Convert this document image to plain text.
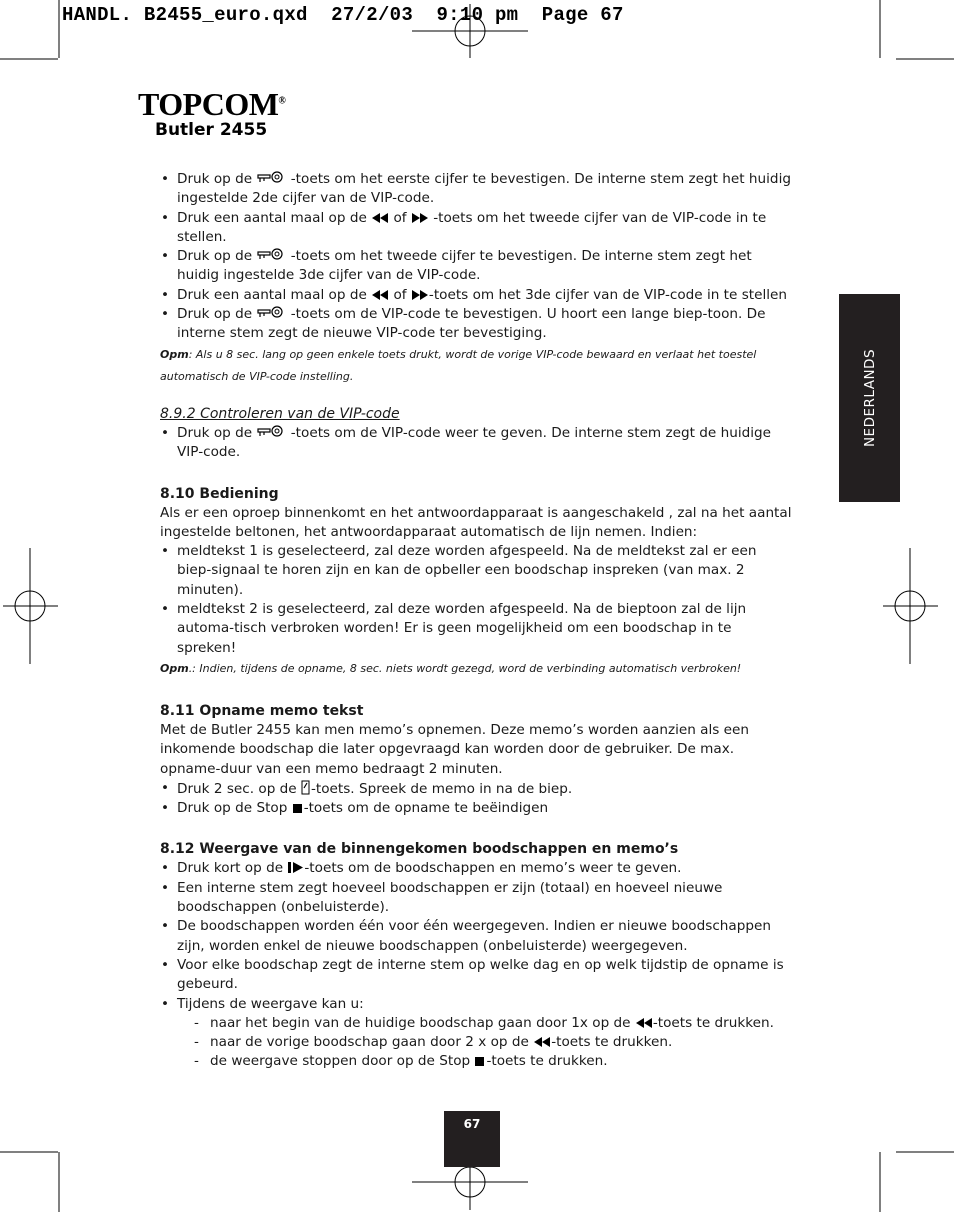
HANDL. B2455_euro.qxd  27/2/03  9:10 pm  Page 67
TOPCOM®
Butler 2455
NEDERLANDS
• Druk op de	-toets om het eerste cijfer te bevestigen. De interne stem zegt het huidig ingestelde 2de cijfer van de VIP-code.
• Druk een aantal maal op de of -toets om het tweede cijfer van de VIP-code in te stellen.
• Druk op de	-toets om het tweede cijfer te bevestigen. De interne stem zegt het huidig ingestelde 3de cijfer van de VIP-code.
• Druk een aantal maal op de of -toets om het 3de cijfer van de VIP-code in te stellen
• Druk op de	-toets om de VIP-code te bevestigen. U hoort een lange biep-toon. De interne stem zegt de nieuwe VIP-code ter bevestiging.

Opm: Als u 8 sec. lang op geen enkele toets drukt, wordt de vorige VIP-code bewaard en verlaat het toestel automatisch de VIP-code instelling.

8.9.2 Controleren van de VIP-code
• Druk op de	-toets om de VIP-code weer te geven. De interne stem zegt de huidige VIP-code.
8.10 Bediening

Als er een oproep binnenkomt en het antwoordapparaat is aangeschakeld , zal na het aantal ingestelde beltonen, het antwoordapparaat automatisch de lijn nemen. Indien:

• meldtekst 1 is geselecteerd, zal deze worden afgespeeld. Na de meldtekst zal er een biep-signaal te horen zijn en kan de opbeller een boodschap inspreken (van max. 2 minuten).
• meldtekst 2 is geselecteerd, zal deze worden afgespeeld. Na de bieptoon zal de lijn automa-tisch verbroken worden! Er is geen mogelijkheid om een boodschap in te spreken!

Opm.: Indien, tijdens de opname, 8 sec. niets wordt gezegd, word de verbinding automatisch verbroken!

8.11 Opname memo tekst

Met de Butler 2455 kan men memo’s opnemen. Deze memo’s worden aanzien als een inkomende boodschap die later opgevraagd kan worden door de gebruiker. De max. opname-duur van een memo bedraagt 2 minuten.

• Druk 2 sec. op de -toets. Spreek de memo in na de biep.
• Druk op de Stop -toets om de opname te beëindigen
8.12 Weergave van de binnengekomen boodschappen en memo’s
• Druk kort op de -toets om de boodschappen en memo’s weer te geven.
• Een interne stem zegt hoeveel boodschappen er zijn (totaal) en hoeveel nieuwe boodschappen (onbeluisterde).
• De boodschappen worden één voor één weergegeven. Indien er nieuwe boodschappen zijn, worden enkel de nieuwe boodschappen (onbeluisterde) weergegeven.
• Voor elke boodschap zegt de interne stem op welke dag en op welk tijdstip de opname is gebeurd.
• Tijdens de weergave kan u:
- naar het begin van de huidige boodschap gaan door 1x op de -toets te drukken.
- naar de vorige boodschap gaan door 2 x op de -toets te drukken.
- de weergave stoppen door op de Stop -toets te drukken.
67
